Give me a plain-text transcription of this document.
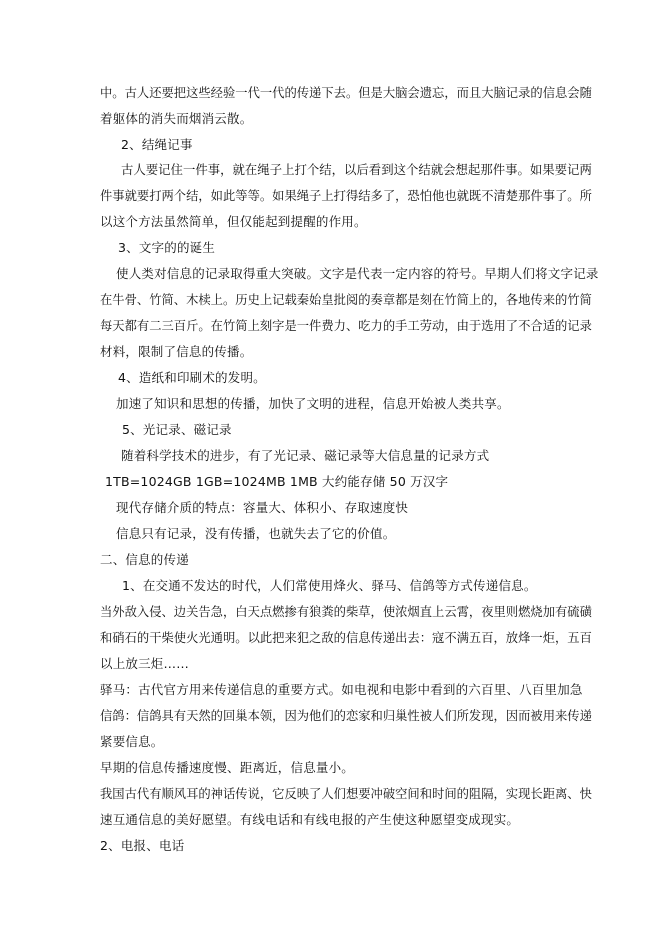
中。古人还要把这些经验一代一代的传递下去。但是大脑会遗忘，而且大脑记录的信息会随
着躯体的消失而烟消云散。
2、结绳记事
古人要记住一件事，就在绳子上打个结，以后看到这个结就会想起那件事。如果要记两
件事就要打两个结，如此等等。如果绳子上打得结多了，恐怕他也就既不清楚那件事了。所
以这个方法虽然简单，但仅能起到提醒的作用。
3、文字的的诞生
使人类对信息的记录取得重大突破。文字是代表一定内容的符号。早期人们将文字记录
在牛骨、竹简、木椟上。历史上记载秦始皇批阅的奏章都是刻在竹简上的，各地传来的竹简
每天都有二三百斤。在竹简上刻字是一件费力、吃力的手工劳动，由于选用了不合适的记录
材料，限制了信息的传播。
4、造纸和印刷术的发明。
加速了知识和思想的传播，加快了文明的进程，信息开始被人类共享。
5、光记录、磁记录
随着科学技术的进步，有了光记录、磁记录等大信息量的记录方式
1TB=1024GB 1GB=1024MB 1MB 大约能存储 50 万汉字
现代存储介质的特点：容量大、体积小、存取速度快
信息只有记录，没有传播，也就失去了它的价值。
二、信息的传递
1、在交通不发达的时代，人们常使用烽火、驿马、信鸽等方式传递信息。
当外敌入侵、边关告急，白天点燃掺有狼粪的柴草，使浓烟直上云霄，夜里则燃烧加有硫磺
和硝石的干柴使火光通明。以此把来犯之敌的信息传递出去：寇不满五百，放烽一炬，五百
以上放三炬……
驿马：古代官方用来传递信息的重要方式。如电视和电影中看到的六百里、八百里加急
信鸽：信鸽具有天然的回巢本领，因为他们的恋家和归巢性被人们所发现，因而被用来传递
紧要信息。
早期的信息传播速度慢、距离近，信息量小。
我国古代有顺风耳的神话传说，它反映了人们想要冲破空间和时间的阻隔，实现长距离、快
速互通信息的美好愿望。有线电话和有线电报的产生使这种愿望变成现实。
2、电报、电话
